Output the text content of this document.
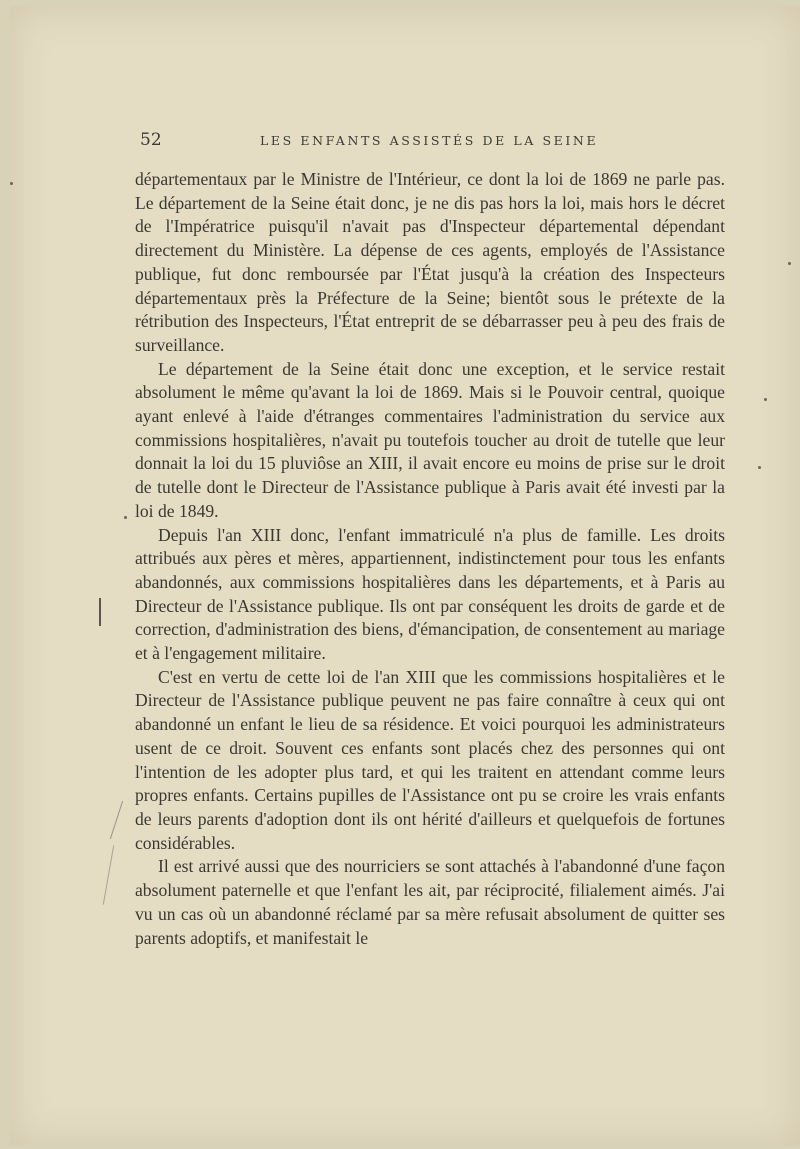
52	LES ENFANTS ASSISTÉS DE LA SEINE

départementaux par le Ministre de l'Intérieur, ce dont la loi de 1869 ne parle pas. Le département de la Seine était donc, je ne dis pas hors la loi, mais hors le décret de l'Impératrice puisqu'il n'avait pas d'Inspecteur départemental dépendant directement du Ministère. La dépense de ces agents, employés de l'Assistance publique, fut donc remboursée par l'État jusqu'à la création des Inspecteurs départementaux près la Préfecture de la Seine; bientôt sous le prétexte de la rétribution des Inspecteurs, l'État entreprit de se débarrasser peu à peu des frais de surveillance.

Le département de la Seine était donc une exception, et le service restait absolument le même qu'avant la loi de 1869. Mais si le Pouvoir central, quoique ayant enlevé à l'aide d'étranges commentaires l'administration du service aux commissions hospitalières, n'avait pu toutefois toucher au droit de tutelle que leur donnait la loi du 15 pluviôse an XIII, il avait encore eu moins de prise sur le droit de tutelle dont le Directeur de l'Assistance publique à Paris avait été investi par la loi de 1849.

Depuis l'an XIII donc, l'enfant immatriculé n'a plus de famille. Les droits attribués aux pères et mères, appartiennent, indistinctement pour tous les enfants abandonnés, aux commissions hospitalières dans les départements, et à Paris au Directeur de l'Assistance publique. Ils ont par conséquent les droits de garde et de correction, d'administration des biens, d'émancipation, de consentement au mariage et à l'engagement militaire.

C'est en vertu de cette loi de l'an XIII que les commissions hospitalières et le Directeur de l'Assistance publique peuvent ne pas faire connaître à ceux qui ont abandonné un enfant le lieu de sa résidence. Et voici pourquoi les administrateurs usent de ce droit. Souvent ces enfants sont placés chez des personnes qui ont l'intention de les adopter plus tard, et qui les traitent en attendant comme leurs propres enfants. Certains pupilles de l'Assistance ont pu se croire les vrais enfants de leurs parents d'adoption dont ils ont hérité d'ailleurs et quelquefois de fortunes considérables.

Il est arrivé aussi que des nourriciers se sont attachés à l'abandonné d'une façon absolument paternelle et que l'enfant les ait, par réciprocité, filialement aimés. J'ai vu un cas où un abandonné réclamé par sa mère refusait absolument de quitter ses parents adoptifs, et manifestait le
